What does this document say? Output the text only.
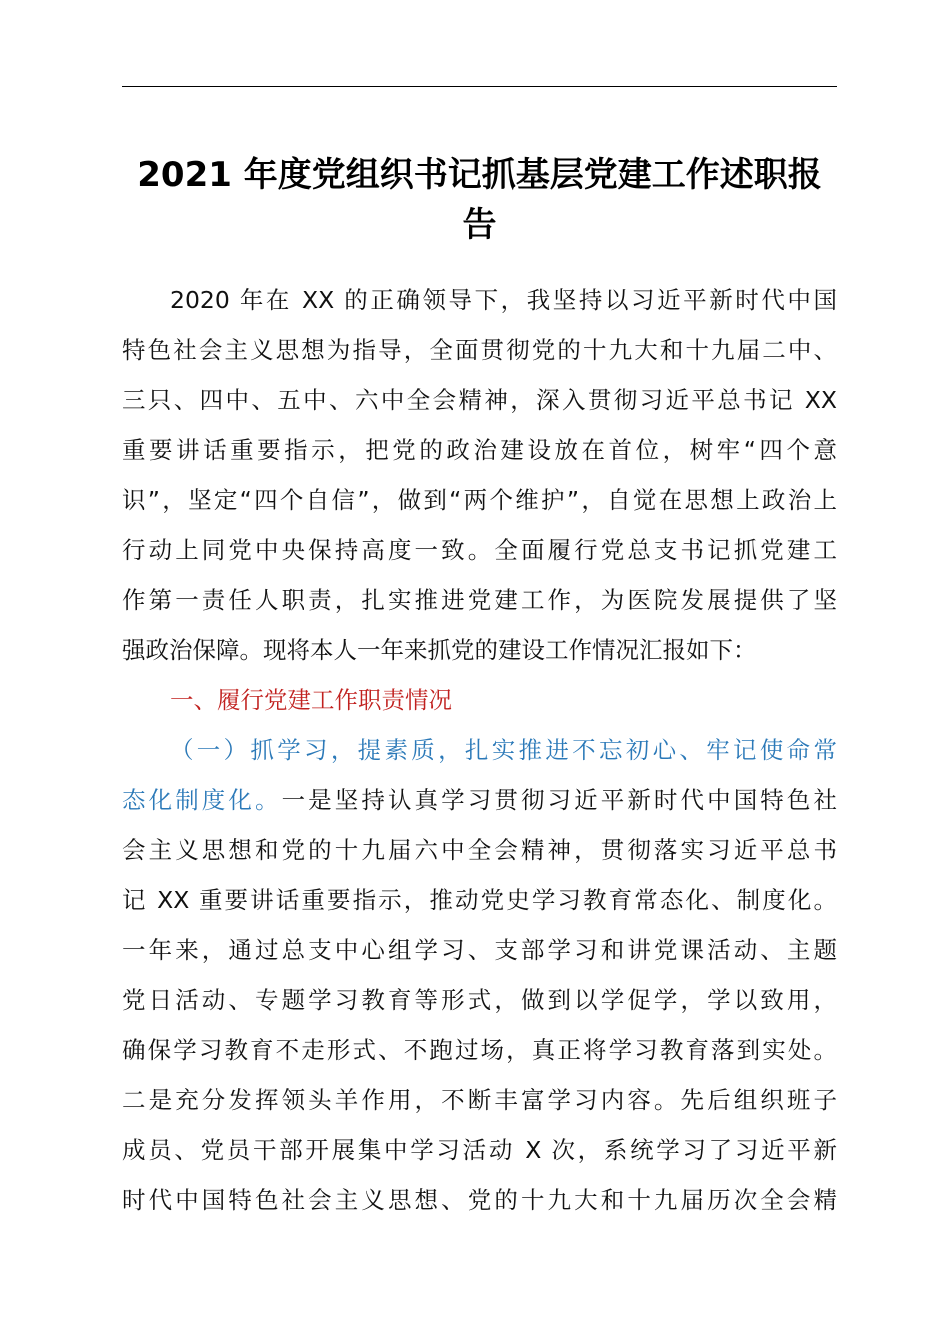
2021 年度党组织书记抓基层党建工作述职报
告
2020 年在 XX 的正确领导下，我坚持以习近平新时代中国
特色社会主义思想为指导，全面贯彻党的十九大和十九届二中、
三只、四中、五中、六中全会精神，深入贯彻习近平总书记 XX
重要讲话重要指示，把党的政治建设放在首位，树牢“四个意
识”，坚定“四个自信”，做到“两个维护”，自觉在思想上政治上
行动上同党中央保持高度一致。全面履行党总支书记抓党建工
作第一责任人职责，扎实推进党建工作，为医院发展提供了坚
强政治保障。现将本人一年来抓党的建设工作情况汇报如下：
一、履行党建工作职责情况
（一）抓学习，提素质，扎实推进不忘初心、牢记使命常
态化制度化。一是坚持认真学习贯彻习近平新时代中国特色社
会主义思想和党的十九届六中全会精神，贯彻落实习近平总书
记 XX 重要讲话重要指示，推动党史学习教育常态化、制度化。
一年来，通过总支中心组学习、支部学习和讲党课活动、主题
党日活动、专题学习教育等形式，做到以学促学，学以致用，
确保学习教育不走形式、不跑过场，真正将学习教育落到实处。
二是充分发挥领头羊作用，不断丰富学习内容。先后组织班子
成员、党员干部开展集中学习活动 X 次，系统学习了习近平新
时代中国特色社会主义思想、党的十九大和十九届历次全会精
